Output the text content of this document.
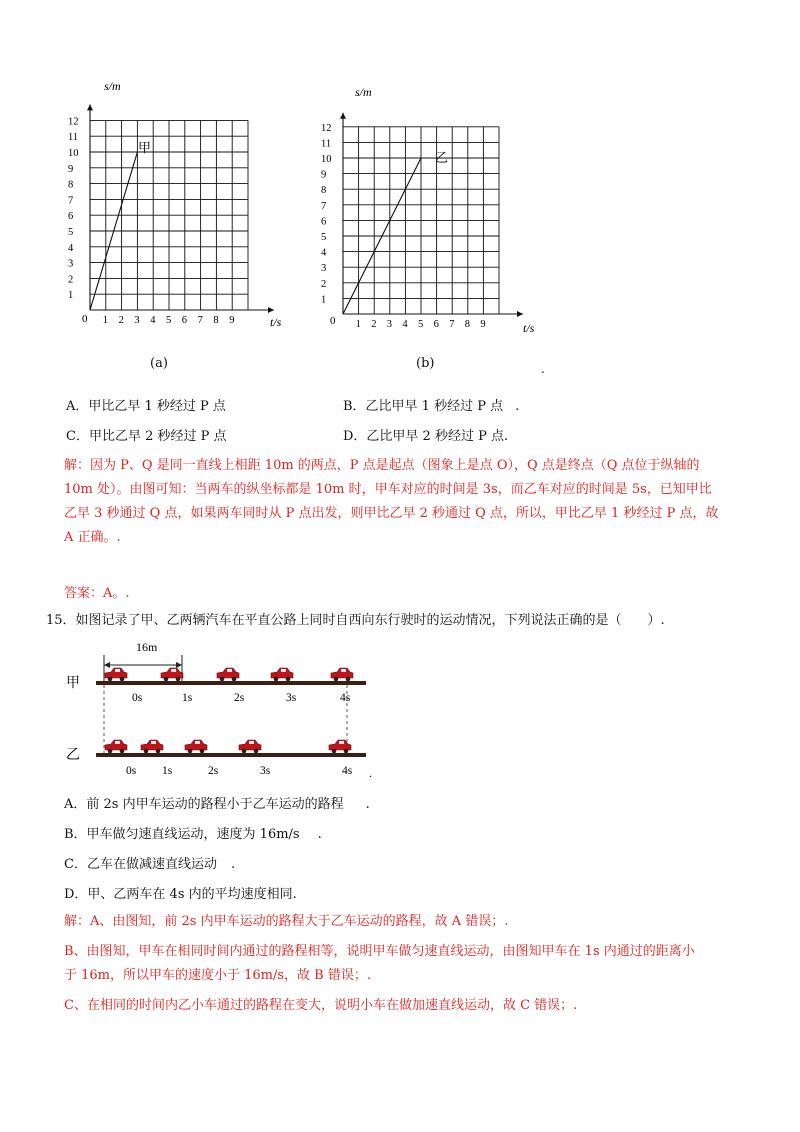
1
2
3
4
5
6
7
8
9
10
11
12
1 2 3 4 5 6 7 8 9
s/m
t/s
0
甲
(a)
1
2
3
4
5
6
7
8
9
10
11
12
1 2 3 4 5 6 7 8 9
s/m
t/s
0
乙
(b)	.
A．甲比乙早 1 秒经过 P 点	B．乙比甲早 1 秒经过 P 点 .
C．甲比乙早 2 秒经过 P 点	D．乙比甲早 2 秒经过 P 点.
解：因为 P、Q 是同一直线上相距 10m 的两点，P 点是起点（图象上是点 O），Q 点是终点（Q 点位于纵轴的
10m 处）。由图可知：当两车的纵坐标都是 10m 时，甲车对应的时间是 3s，而乙车对应的时间是 5s，已知甲比
乙早 3 秒通过 Q 点，如果两车同时从 P 点出发，则甲比乙早 2 秒通过 Q 点，所以，甲比乙早 1 秒经过 P 点，故
A 正确。.
答案：A。.
15．如图记录了甲、乙两辆汽车在平直公路上同时自西向东行驶时的运动情况，下列说法正确的是（　　）.
16m
甲
0s	1s	2s	3s	4s
乙
0s 1s	2s	3s	4s .
A．前 2s 内甲车运动的路程小于乙车运动的路程 .
B．甲车做匀速直线运动，速度为 16m/s .
C．乙车在做减速直线运动 .
D．甲、乙两车在 4s 内的平均速度相同.
解：A、由图知，前 2s 内甲车运动的路程大于乙车运动的路程，故 A 错误；.
B、由图知，甲车在相同时间内通过的路程相等，说明甲车做匀速直线运动，由图知甲车在 1s 内通过的距离小
于 16m，所以甲车的速度小于 16m/s，故 B 错误；.
C、在相同的时间内乙小车通过的路程在变大，说明小车在做加速直线运动，故 C 错误；.
